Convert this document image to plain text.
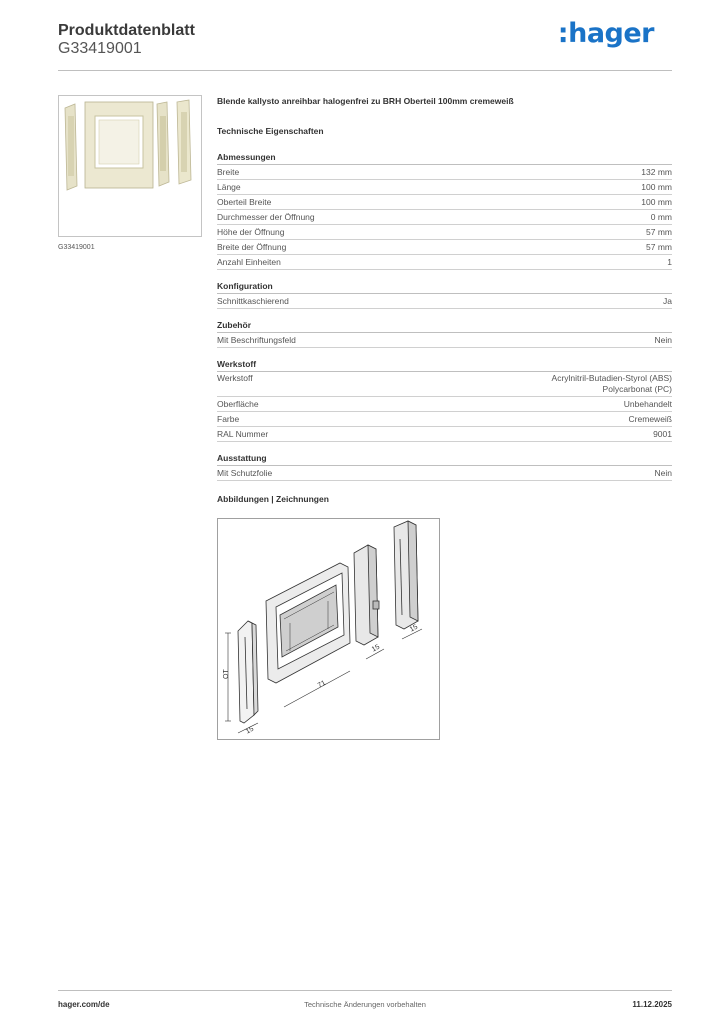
Produktdatenblatt
G33419001	:hager
G33419001
Blende kallysto anreihbar halogenfrei zu BRH Oberteil 100mm cremeweiß
Technische Eigenschaften
Abmessungen
Breite	132 mm
Länge	100 mm
Oberteil Breite	100 mm
Durchmesser der Öffnung	0 mm
Höhe der Öffnung	57 mm
Breite der Öffnung	57 mm
Anzahl Einheiten	1
Konfiguration
Schnittkaschierend	Ja
Zubehör
Mit Beschriftungsfeld	Nein
Werkstoff
Werkstoff	Acrylnitril-Butadien-Styrol (ABS)
Polycarbonat (PC)
Oberfläche	Unbehandelt
Farbe	Cremeweiß
RAL Nummer	9001
Ausstattung
Mit Schutzfolie	Nein
Abbildungen | Zeichnungen
OT
71
15
15
15
hager.com/de	Technische Änderungen vorbehalten	11.12.2025
